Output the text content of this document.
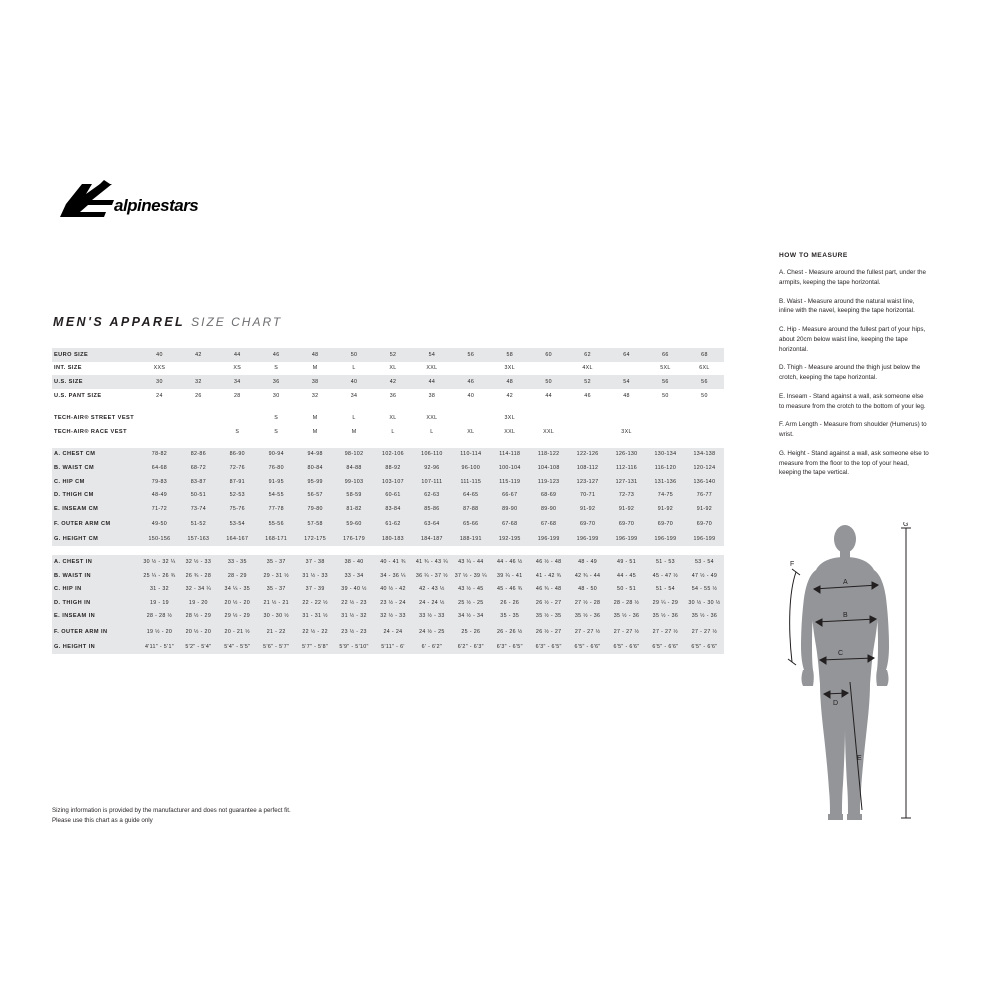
alpinestars
MEN'S APPAREL SIZE CHART
EURO SIZE	40	42	44	46	48	50	52	54	56	58	60	62	64	66	68
INT. SIZE	XXS		XS	S	M	L	XL	XXL		3XL		4XL		5XL	6XL
U.S. SIZE	30	32	34	36	38	40	42	44	46	48	50	52	54	56	56
U.S. PANT SIZE	24	26	28	30	32	34	36	38	40	42	44	46	48	50	50

TECH-AIR® STREET VEST				S	M	L	XL	XXL		3XL					
TECH-AIR® RACE VEST			S	S	M	M	L	L	XL	XXL	XXL		3XL		

A. CHEST CM	78-82	82-86	86-90	90-94	94-98	98-102	102-106	106-110	110-114	114-118	118-122	122-126	126-130	130-134	134-138
B. WAIST CM	64-68	68-72	72-76	76-80	80-84	84-88	88-92	92-96	96-100	100-104	104-108	108-112	112-116	116-120	120-124
C. HIP CM	79-83	83-87	87-91	91-95	95-99	99-103	103-107	107-111	111-115	115-119	119-123	123-127	127-131	131-136	136-140
D. THIGH CM	48-49	50-51	52-53	54-55	56-57	58-59	60-61	62-63	64-65	66-67	68-69	70-71	72-73	74-75	76-77
E. INSEAM CM	71-72	73-74	75-76	77-78	79-80	81-82	83-84	85-86	87-88	89-90	89-90	91-92	91-92	91-92	91-92
F. OUTER ARM CM	49-50	51-52	53-54	55-56	57-58	59-60	61-62	63-64	65-66	67-68	67-68	69-70	69-70	69-70	69-70
G. HEIGHT CM	150-156	157-163	164-167	168-171	172-175	176-179	180-183	184-187	188-191	192-195	196-199	196-199	196-199	196-199	196-199

A. CHEST IN	30 ½ - 32 ¼	32 ½ - 33	33 - 35	35 - 37	37 - 38	38 - 40	40 - 41 ¾	41 ¾ - 43 ¼	43 ¼ - 44	44 - 46 ½	46 ½ - 48	48 - 49	49 - 51	51 - 53	53 - 54
B. WAIST IN	25 ¼ - 26 ¾	26 ¾ - 28	28 - 29	29 - 31 ½	31 ½ - 33	33 - 34	34 - 36 ¼	36 ¼ - 37 ½	37 ½ - 39 ¼	39 ¼ - 41	41 - 42 ¾	42 ¾ - 44	44 - 45	45 - 47 ½	47 ½ - 49
C. HIP IN	31 - 32	32 - 34 ¼	34 ¼ - 35	35 - 37	37 - 39	39 - 40 ½	40 ½ - 42	42 - 43 ½	43 ½ - 45	45 - 46 ¾	46 ¾ - 48	48 - 50	50 - 51	51 - 54	54 - 55 ½
D. THIGH IN	19 - 19	19 - 20	20 ½ - 20	21 ½ - 21	22 - 22 ½	22 ½ - 23	23 ½ - 24	24 - 24 ½	25 ½ - 25	26 - 26	26 ½ - 27	27 ½ - 28	28 - 28 ½	29 ¼ - 29	30 ½ - 30 ½
E. INSEAM IN	28 - 28 ½	28 ½ - 29	29 ½ - 29	30 - 30 ½	31 - 31 ½	31 ½ - 32	32 ½ - 33	33 ½ - 33	34 ½ - 34	35 - 35	35 ½ - 35	35 ½ - 36	35 ½ - 36	35 ½ - 36	35 ½ - 36
F. OUTER ARM IN	19 ½ - 20	20 ½ - 20	20 - 21 ½	21 - 22	22 ½ - 22	23 ½ - 23	24 - 24	24 ½ - 25	25 - 26	26 - 26 ½	26 ½ - 27	27 - 27 ½	27 - 27 ½	27 - 27 ½	27 - 27 ½
G. HEIGHT IN	4'11" - 5'1"	5'2" - 5'4"	5'4" - 5'5"	5'6" - 5'7"	5'7" - 5'8"	5'9" - 5'10"	5'11" - 6'	6' - 6'2"	6'2" - 6'3"	6'3" - 6'5"	6'3" - 6'5"	6'5" - 6'6"	6'5" - 6'6"	6'5" - 6'6"	6'5" - 6'6"
HOW TO MEASURE

A. Chest - Measure around the fullest part, under the armpits, keeping the tape horizontal.

B. Waist - Measure around the natural waist line, inline with the navel, keeping the tape horizontal.

C. Hip - Measure around the fullest part of your hips, about 20cm below waist line, keeping the tape horizontal.

D. Thigh - Measure around the thigh just below the crotch, keeping the tape horizontal.

E. Inseam - Stand against a wall, ask someone else to measure from the crotch to the bottom of your leg.

F. Arm Length - Measure from shoulder (Humerus) to wrist.

G. Height - Stand against a wall, ask someone else to measure from the floor to the top of your head, keeping the tape vertical.

A
B
C
D
E
F
G
Sizing information is provided by the manufacturer and does not guarantee a perfect fit.
Please use this chart as a guide only
